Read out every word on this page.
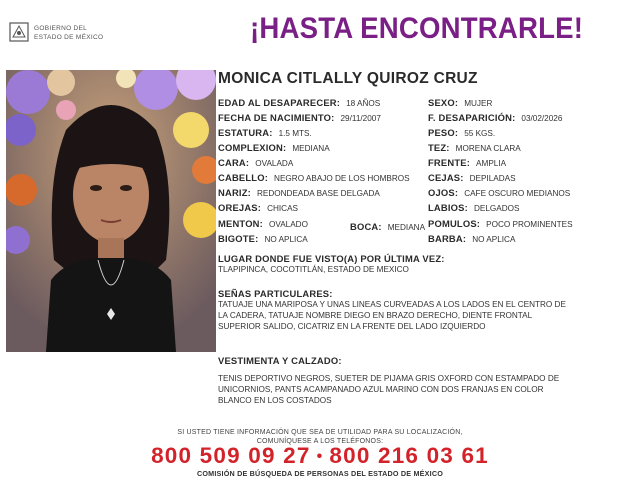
GOBIERNO DEL
ESTADO DE MÉXICO	¡HASTA ENCONTRARLE!
MONICA CITLALLY QUIROZ CRUZ
EDAD AL DESAPARECER: 18 AÑOS
FECHA DE NACIMIENTO: 29/11/2007
ESTATURA: 1.5 MTS.
COMPLEXION: MEDIANA
CARA: OVALADA
CABELLO: NEGRO ABAJO DE LOS HOMBROS
NARIZ: REDONDEADA BASE DELGADA
OREJAS: CHICAS
MENTON: OVALADO
BIGOTE: NO APLICA
BOCA: MEDIANA
SEXO: MUJER
F. DESAPARICIÓN: 03/02/2026
PESO: 55 KGS.
TEZ: MORENA CLARA
FRENTE: AMPLIA
CEJAS: DEPILADAS
OJOS: CAFE OSCURO MEDIANOS
LABIOS: DELGADOS
POMULOS: POCO PROMINENTES
BARBA: NO APLICA
LUGAR DONDE FUE VISTO(A) POR ÚLTIMA VEZ:
TLAPIPINCA, COCOTITLÁN, ESTADO DE MEXICO
SEÑAS PARTICULARES:
TATUAJE UNA MARIPOSA Y UNAS LINEAS CURVEADAS A LOS LADOS EN EL CENTRO DE
LA CADERA, TATUAJE NOMBRE DIEGO EN BRAZO DERECHO, DIENTE FRONTAL
SUPERIOR SALIDO, CICATRIZ EN LA FRENTE DEL LADO IZQUIERDO
VESTIMENTA Y CALZADO:
TENIS DEPORTIVO NEGROS, SUETER DE PIJAMA GRIS OXFORD CON ESTAMPADO DE
UNICORNIOS, PANTS ACAMPANADO AZUL MARINO CON DOS FRANJAS EN COLOR
BLANCO EN LOS COSTADOS
SI USTED TIENE INFORMACIÓN QUE SEA DE UTILIDAD PARA SU LOCALIZACIÓN,
COMUNÍQUESE A LOS TELÉFONOS:
800 509 09 27 • 800 216 03 61
COMISIÓN DE BÚSQUEDA DE PERSONAS DEL ESTADO DE MÉXICO
